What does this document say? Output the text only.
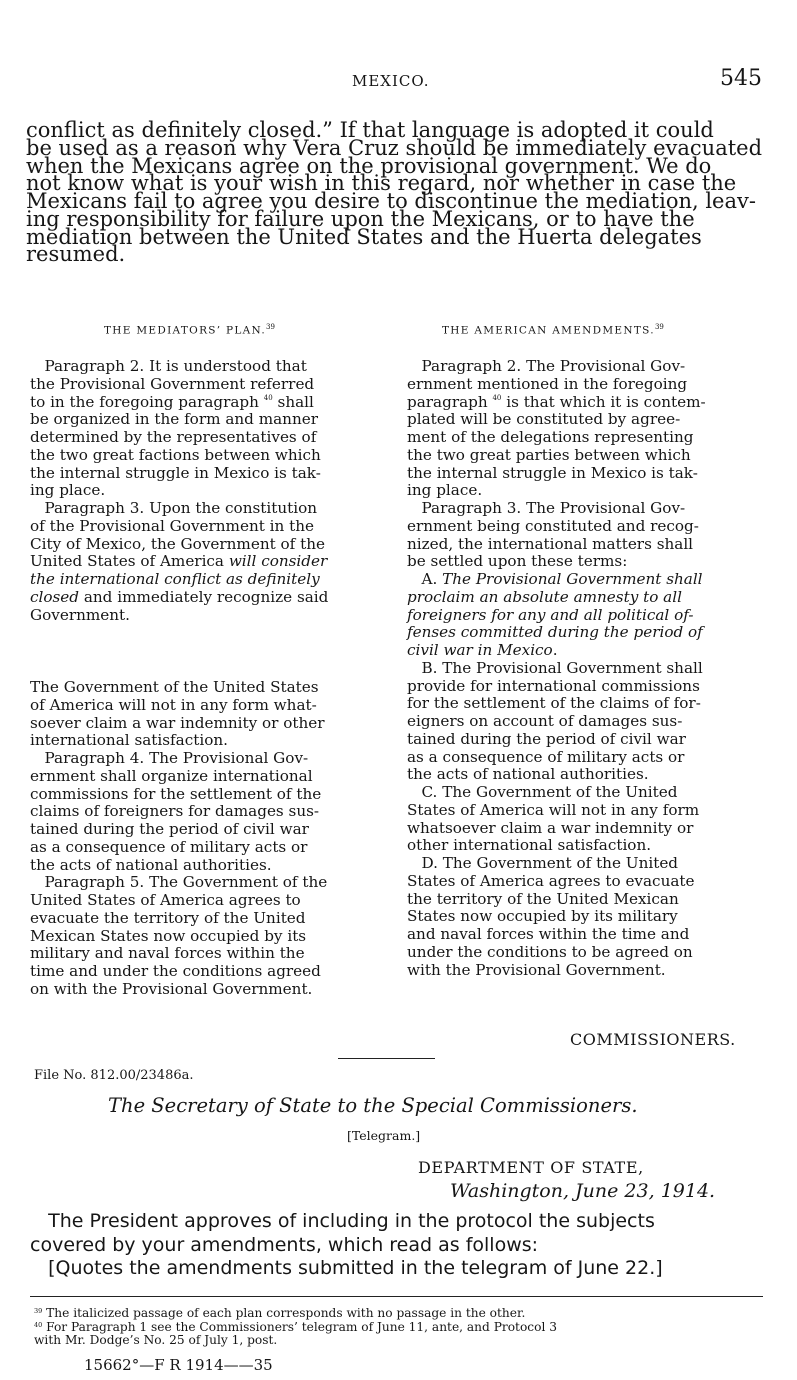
MEXICO.	545
conflict as definitely closed.” If that language is adopted it could
be used as a reason why Vera Cruz should be immediately evacuated
when the Mexicans agree on the provisional government. We do
not know what is your wish in this regard, nor whether in case the
Mexicans fail to agree you desire to discontinue the mediation, leav-
ing responsibility for failure upon the Mexicans, or to have the
mediation between the United States and the Huerta delegates
resumed.
THE MEDIATORS’ PLAN.$^{39}$	THE AMERICAN AMENDMENTS.$^{39}$
Paragraph 2. It is understood that
the Provisional Government referred
to in the foregoing paragraph $^{40}$ shall
be organized in the form and manner
determined by the representatives of
the two great factions between which
the internal struggle in Mexico is tak-
ing place.
Paragraph 3. Upon the constitution
of the Provisional Government in the
City of Mexico, the Government of the
United States of America will consider
the international conflict as definitely
closed and immediately recognize said
Government.
The Government of the United States
of America will not in any form what-
soever claim a war indemnity or other
international satisfaction.
Paragraph 4. The Provisional Gov-
ernment shall organize international
commissions for the settlement of the
claims of foreigners for damages sus-
tained during the period of civil war
as a consequence of military acts or
the acts of national authorities.
Paragraph 5. The Government of the
United States of America agrees to
evacuate the territory of the United
Mexican States now occupied by its
military and naval forces within the
time and under the conditions agreed
on with the Provisional Government.
Paragraph 2. The Provisional Gov-
ernment mentioned in the foregoing
paragraph $^{40}$ is that which it is contem-
plated will be constituted by agree-
ment of the delegations representing
the two great parties between which
the internal struggle in Mexico is tak-
ing place.
Paragraph 3. The Provisional Gov-
ernment being constituted and recog-
nized, the international matters shall
be settled upon these terms:
A. The Provisional Government shall
proclaim an absolute amnesty to all
foreigners for any and all political of-
fenses committed during the period of
civil war in Mexico.
B. The Provisional Government shall
provide for international commissions
for the settlement of the claims of for-
eigners on account of damages sus-
tained during the period of civil war
as a consequence of military acts or
the acts of national authorities.
C. The Government of the United
States of America will not in any form
whatsoever claim a war indemnity or
other international satisfaction.
D. The Government of the United
States of America agrees to evacuate
the territory of the United Mexican
States now occupied by its military
and naval forces within the time and
under the conditions to be agreed on
with the Provisional Government.
COMMISSIONERS.
File No. 812.00/23486a.
The Secretary of State to the Special Commissioners.
[Telegram.]
DEPARTMENT OF STATE,
Washington, June 23, 1914.
The President approves of including in the protocol the subjects
covered by your amendments, which read as follows:
[Quotes the amendments submitted in the telegram of June 22.]
$^{39}$ The italicized passage of each plan corresponds with no passage in the other.
$^{40}$ For Paragraph 1 see the Commissioners’ telegram of June 11, ante, and Protocol 3
with Mr. Dodge’s No. 25 of July 1, post.
15662°—F R 1914——35
